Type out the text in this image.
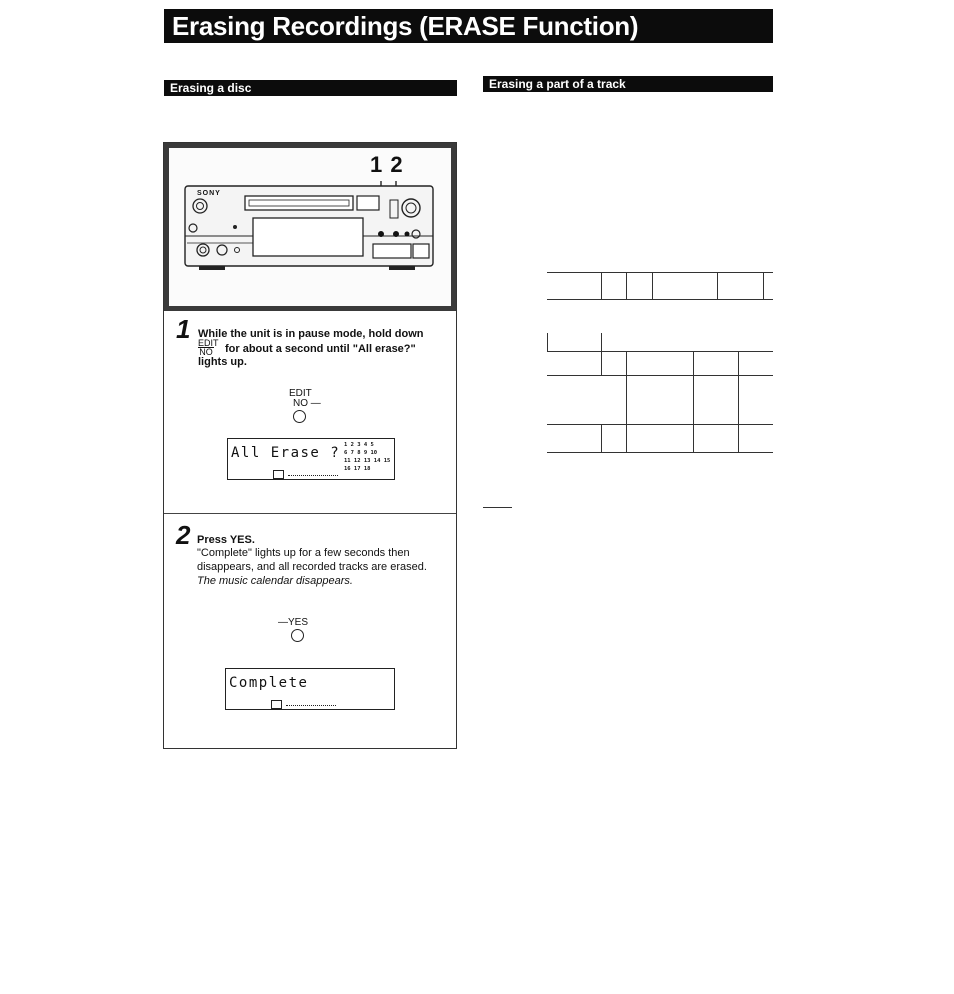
Erasing Recordings (ERASE Function)
Erasing a disc	Erasing a part of a track
SONY
1 2
1 While the unit is in pause mode, hold down
EDIT
NO for about a second until "All erase?"
lights up.
EDIT
NO —
All Erase ? 1 2 3 4 5
6 7 8 9 10
11 12 13 14 15
16 17 18
2 Press YES.
"Complete" lights up for a few seconds then
disappears, and all recorded tracks are erased.
The music calendar disappears.
—YES
Complete
